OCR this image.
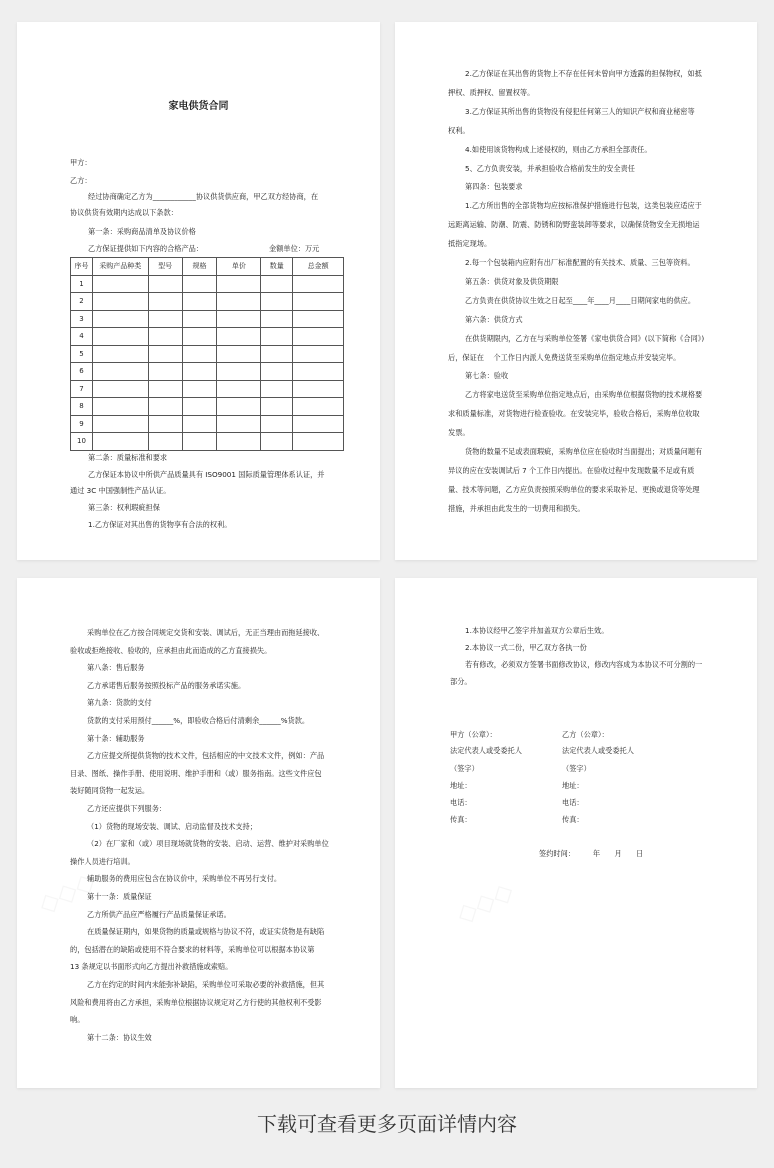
家电供货合同
甲方：
乙方：
经过协商确定乙方为____________协议供货供应商，甲乙双方经协商，在
协议供货有效期内达成以下条款：
第一条：采购商品清单及协议价格
乙方保证提供如下内容的合格产品：	金额单位：万元
序号	采购产品种类	型号	规格	单价	数量	总金额
1						
2						
3						
4						
5						
6						
7						
8						
9						
10						
第二条：质量标准和要求
乙方保证本协议中所供产品质量具有 ISO9001 国际质量管理体系认证，并
通过 3C 中国强制性产品认证。
第三条：权利瑕疵担保
1.乙方保证对其出售的货物享有合法的权利。
2.乙方保证在其出售的货物上不存在任何未曾向甲方透露的担保物权，如抵
押权、质押权、留置权等。
3.乙方保证其所出售的货物没有侵犯任何第三人的知识产权和商业秘密等
权利。
4.如使用该货物构成上述侵权的，则由乙方承担全部责任。
5、乙方负责安装，并承担验收合格前发生的安全责任
第四条：包装要求
1.乙方所出售的全部货物均应按标准保护措施进行包装，这类包装应适应于
远距离运输、防潮、防震、防锈和防野蛮装卸等要求，以确保货物安全无损地运
抵指定现场。
2.每一个包装箱内应附有出厂标准配置的有关技术、质量、三包等资料。
第五条：供货对象及供货期限
乙方负责在供货协议生效之日起至____年____月____日期间家电的供应。
第六条：供货方式
在供货期限内，乙方在与采购单位签署《家电供货合同》(以下简称《合同》)
后，保证在　 个工作日内派人免费送货至采购单位指定地点并安装完毕。
第七条：验收
乙方将家电送货至采购单位指定地点后，由采购单位根据货物的技术规格要
求和质量标准，对货物进行检查验收。在安装完毕，验收合格后，采购单位收取
发票。
货物的数量不足或表面瑕疵，采购单位应在验收时当面提出；对质量问题有
异议的应在安装调试后 7 个工作日内提出。在验收过程中发现数量不足或有质
量、技术等问题，乙方应负责按照采购单位的要求采取补足、更换或退货等处理
措施，并承担由此发生的一切费用和损失。
采购单位在乙方按合同规定交货和安装、调试后，无正当理由而拖延接收、
验收或拒绝接收、验收的，应承担由此而造成的乙方直接损失。
第八条：售后服务
乙方承诺售后服务按照投标产品的服务承诺实施。
第九条：货款的支付
货款的支付采用预付______%，即验收合格后付清剩余______%货款。
第十条：辅助服务
乙方应提交所提供货物的技术文件，包括相应的中文技术文件，例如：产品
目录、图纸、操作手册、使用说明、维护手册和（或）服务指南。这些文件应包
装好随同货物一起发运。
乙方还应提供下列服务：
（1）货物的现场安装、调试、启动监督及技术支持；
（2）在厂家和（或）项目现场就货物的安装、启动、运营、维护对采购单位
操作人员进行培训。
辅助服务的费用应包含在协议价中，采购单位不再另行支付。
第十一条：质量保证
乙方所供产品应严格履行产品质量保证承诺。
在质量保证期内，如果货物的质量或规格与协议不符，或证实货物是有缺陷
的，包括潜在的缺陷或使用不符合要求的材料等，采购单位可以根据本协议第
13 条规定以书面形式向乙方提出补救措施或索赔。
乙方在约定的时间内未能弥补缺陷，采购单位可采取必要的补救措施，但其
风险和费用将由乙方承担，采购单位根据协议规定对乙方行使的其他权利不受影
响。
第十二条：协议生效
1.本协议经甲乙签字并加盖双方公章后生效。
2.本协议一式二份，甲乙双方各执一份
若有修改，必须双方签署书面修改协议，修改内容成为本协议不可分割的一
部分。
甲方（公章）：
法定代表人或受委托人
（签字）
地址：
电话：
传真：
乙方（公章）：
法定代表人或受委托人
（签字）
地址：
电话：
传真：
签约时间：　　　年　　月　　日
下载可查看更多页面详情内容
